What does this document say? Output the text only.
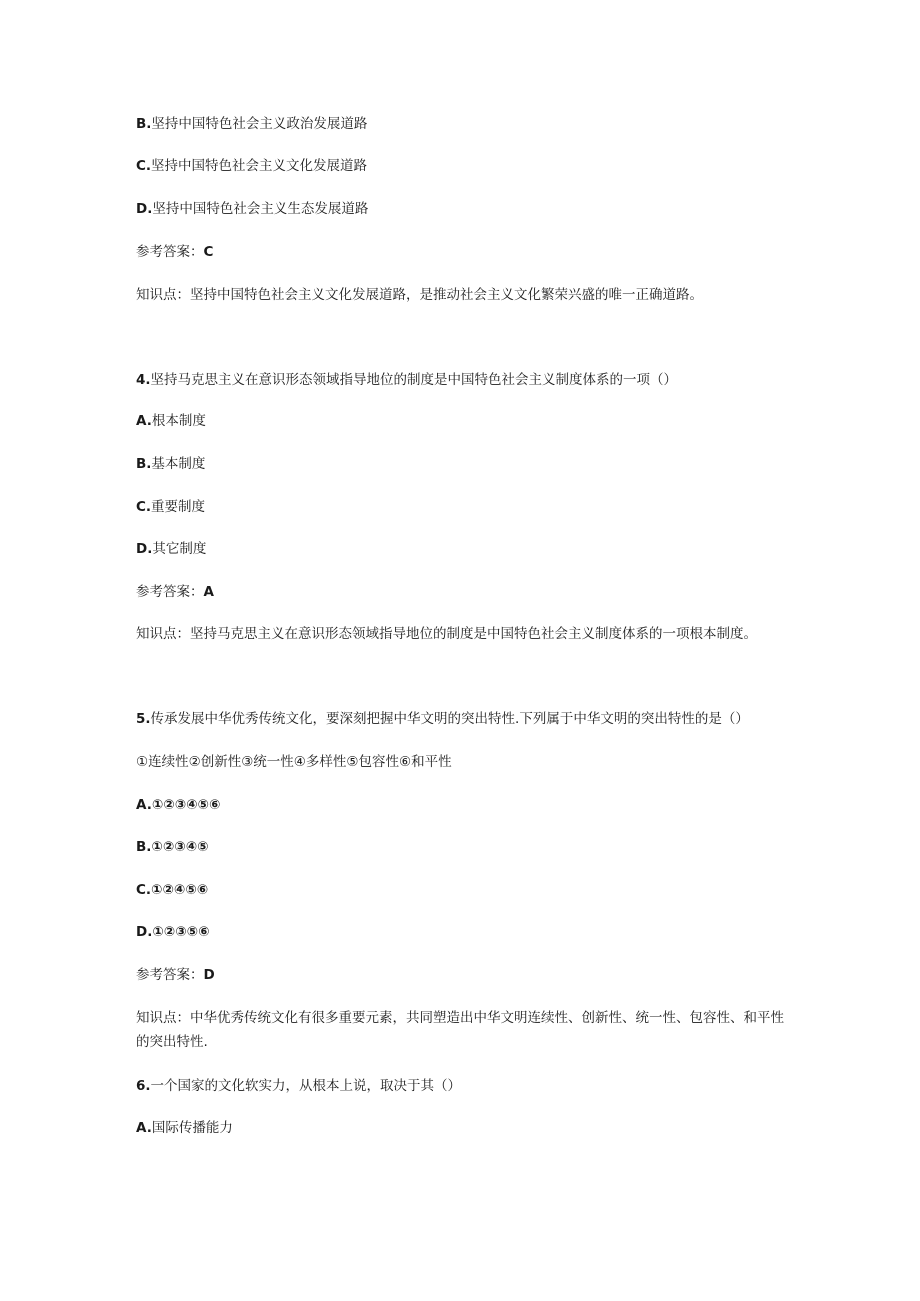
B.坚持中国特色社会主义政治发展道路
C.坚持中国特色社会主义文化发展道路
D.坚持中国特色社会主义生态发展道路
参考答案：C
知识点：坚持中国特色社会主义文化发展道路，是推动社会主义文化繁荣兴盛的唯一正确道路。
4.坚持马克思主义在意识形态领域指导地位的制度是中国特色社会主义制度体系的一项（）
A.根本制度
B.基本制度
C.重要制度
D.其它制度
参考答案：A
知识点：坚持马克思主义在意识形态领域指导地位的制度是中国特色社会主义制度体系的一项根本制度。
5.传承发展中华优秀传统文化，要深刻把握中华文明的突出特性.下列属于中华文明的突出特性的是（）
①连续性②创新性③统一性④多样性⑤包容性⑥和平性
A.①②③④⑤⑥
B.①②③④⑤
C.①②④⑤⑥
D.①②③⑤⑥
参考答案：D
知识点：中华优秀传统文化有很多重要元素，共同塑造出中华文明连续性、创新性、统一性、包容性、和平性的突出特性.
6.一个国家的文化软实力，从根本上说，取决于其（）
A.国际传播能力
